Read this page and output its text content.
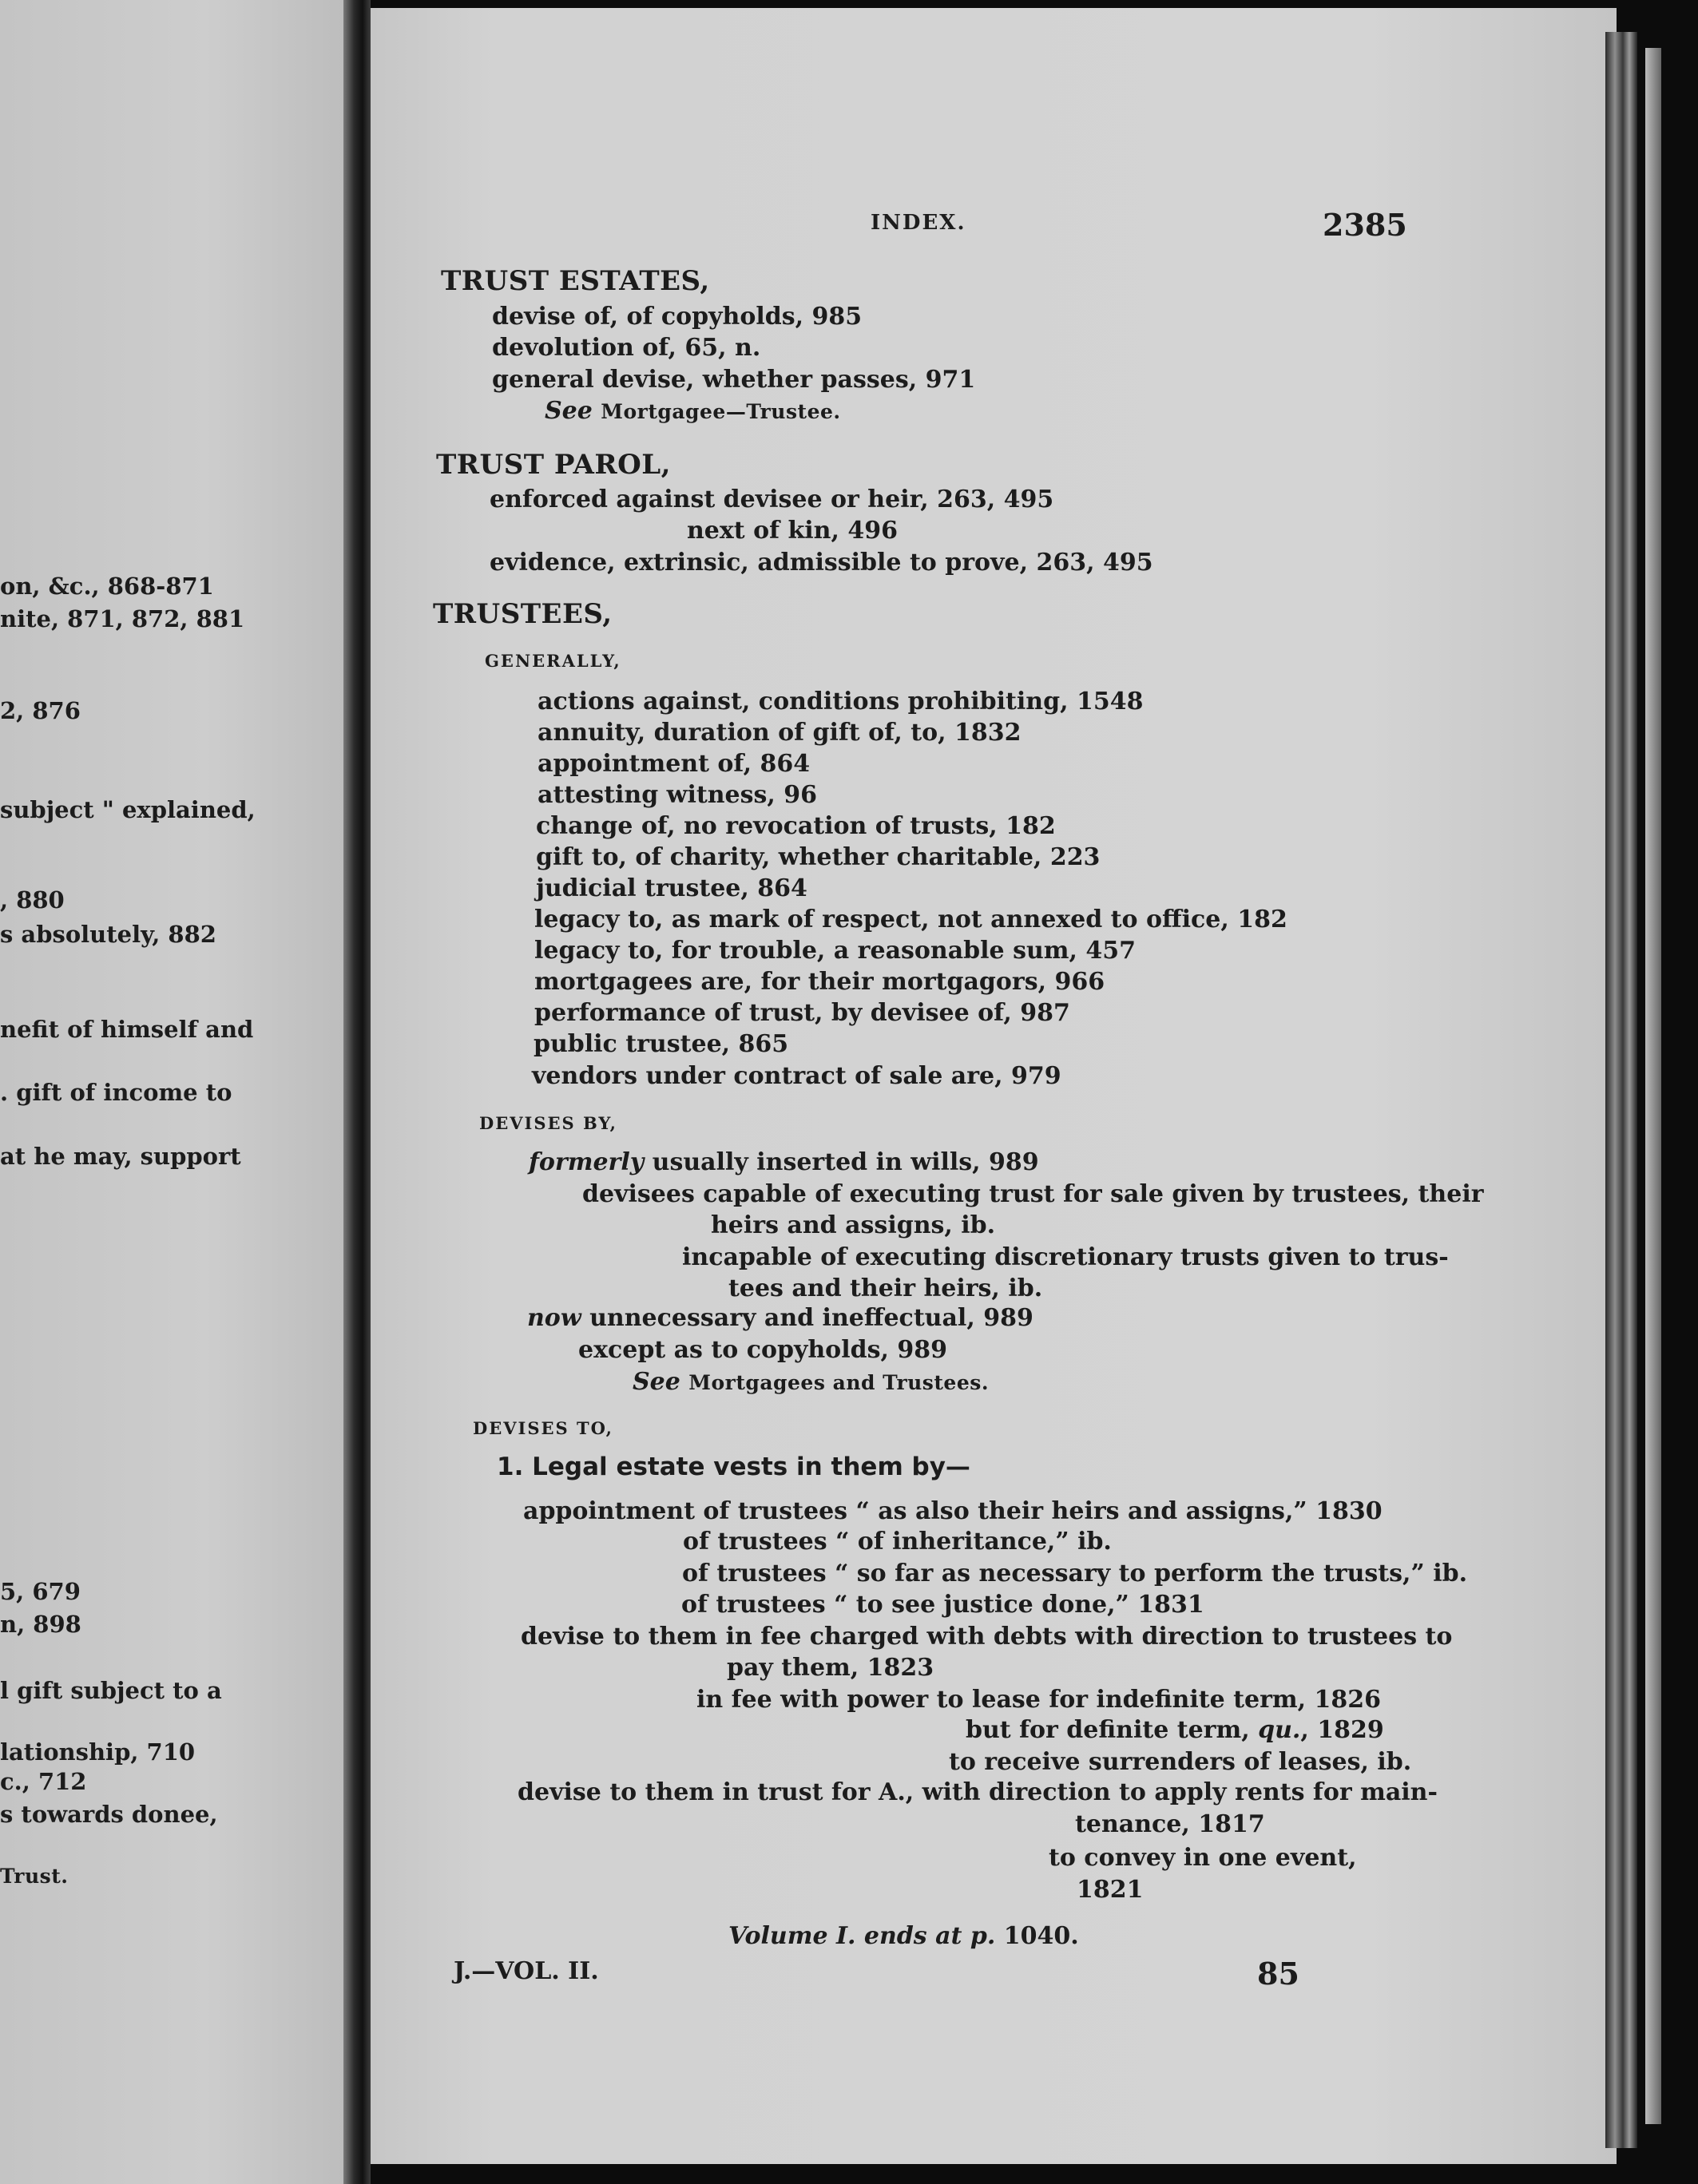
on, &c., 868-871
nite, 871, 872, 881
2, 876
subject " explained,
, 880
s absolutely, 882
nefit of himself and
. gift of income to
at he may, support
5, 679
n, 898
l gift subject to a
lationship, 710
c., 712
s towards donee,
Trust.
INDEX.	2385
TRUST ESTATES,
devise of, of copyholds, 985
devolution of, 65, n.
general devise, whether passes, 971
See Mortgagee—Trustee.
TRUST PAROL,
enforced against devisee or heir, 263, 495
next of kin, 496
evidence, extrinsic, admissible to prove, 263, 495
TRUSTEES,
GENERALLY,
actions against, conditions prohibiting, 1548
annuity, duration of gift of, to, 1832
appointment of, 864
attesting witness, 96
change of, no revocation of trusts, 182
gift to, of charity, whether charitable, 223
judicial trustee, 864
legacy to, as mark of respect, not annexed to office, 182
legacy to, for trouble, a reasonable sum, 457
mortgagees are, for their mortgagors, 966
performance of trust, by devisee of, 987
public trustee, 865
vendors under contract of sale are, 979
DEVISES BY,
formerly usually inserted in wills, 989
devisees capable of executing trust for sale given by trustees, their
heirs and assigns, ib.
incapable of executing discretionary trusts given to trus-
tees and their heirs, ib.
now unnecessary and ineffectual, 989
except as to copyholds, 989
See Mortgagees and Trustees.
DEVISES TO,
1. Legal estate vests in them by—
appointment of trustees “ as also their heirs and assigns,” 1830
of trustees “ of inheritance,” ib.
of trustees “ so far as necessary to perform the trusts,” ib.
of trustees “ to see justice done,” 1831
devise to them in fee charged with debts with direction to trustees to
pay them, 1823
in fee with power to lease for indefinite term, 1826
but for definite term, qu., 1829
to receive surrenders of leases, ib.
devise to them in trust for A., with direction to apply rents for main-
tenance, 1817
to convey in one event,
1821
Volume I. ends at p. 1040.
J.—VOL. II.	85
